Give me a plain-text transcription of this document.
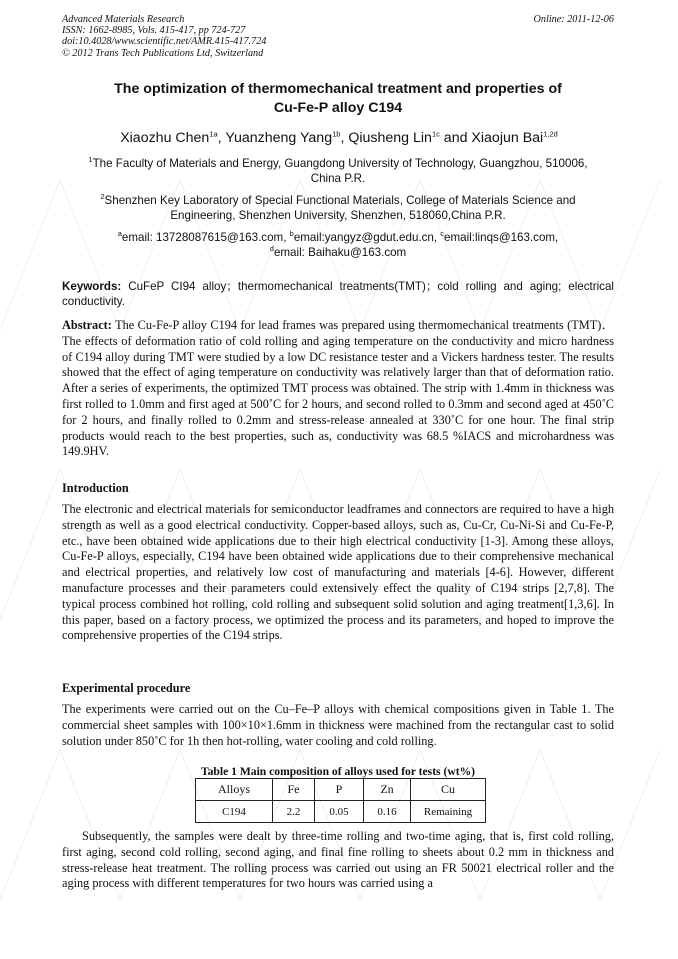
Advanced Materials Research
ISSN: 1662-8985, Vols. 415-417, pp 724-727
doi:10.4028/www.scientific.net/AMR.415-417.724
© 2012 Trans Tech Publications Ltd, Switzerland
Online: 2011-12-06
The optimization of thermomechanical treatment and properties of
Cu-Fe-P alloy C194
Xiaozhu Chen$^{1a}$, Yuanzheng Yang$^{1b}$, Qiusheng Lin$^{1c}$ and Xiaojun Bai$^{1,2d}$
$^1$The Faculty of Materials and Energy, Guangdong University of Technology, Guangzhou, 510006,
China P.R.
$^2$Shenzhen Key Laboratory of Special Functional Materials, College of Materials Science and
Engineering, Shenzhen University, Shenzhen, 518060,China P.R.
$^a$email: 13728087615@163.com, $^b$email:yangyz@gdut.edu.cn, $^c$email:linqs@163.com,
$^d$email: Baihaku@163.com
Keywords: CuFeP CI94 alloy；thermomechanical treatments(TMT)；cold rolling and aging; electrical conductivity.
Abstract: The Cu-Fe-P alloy C194 for lead frames was prepared using thermomechanical treatments (TMT)．The effects of deformation ratio of cold rolling and aging temperature on the conductivity and micro hardness of C194 alloy during TMT were studied by a low DC resistance tester and a Vickers hardness tester. The results showed that the effect of aging temperature on conductivity was relatively larger than that of deformation ratio. After a series of experiments, the optimized TMT process was obtained. The strip with 1.4mm in thickness was first rolled to 1.0mm and first aged at 500˚C for 2 hours, and second rolled to 0.3mm and second aged at 450˚C for 2 hours, and finally rolled to 0.2mm and stress-release annealed at 330˚C for one hour. The final strip products would reach to the best properties, such as, conductivity was 68.5 %IACS and microhardness was 149.9HV.
Introduction
The electronic and electrical materials for semiconductor leadframes and connectors are required to have a high strength as well as a good electrical conductivity. Copper-based alloys, such as, Cu-Cr, Cu-Ni-Si and Cu-Fe-P, etc., have been obtained wide applications due to their high electrical conductivity [1-3]. Among these alloys, Cu-Fe-P alloys, especially, C194 have been obtained wide applications due to their comprehensive mechanical and electrical properties, and relatively low cost of manufacturing and materials [4-6]. However, different manufacture processes and their parameters could extensively effect the quality of C194 strips [2,7,8]. The typical process combined hot rolling, cold rolling and subsequent solid solution and aging treatment[1,3,6]. In this paper, based on a factory process, we optimized the process and its parameters, and hoped to improve the comprehensive properties of the C194 strips.
Experimental procedure
The experiments were carried out on the Cu–Fe–P alloys with chemical compositions given in Table 1. The commercial sheet samples with 100×10×1.6mm in thickness were machined from the rectangular cast to solid solution under 850˚C for 1h then hot-rolling, water cooling and cold rolling.
Table 1 Main composition of alloys used for tests (wt%)
Alloys	Fe	P	Zn	Cu
C194	2.2	0.05	0.16	Remaining
Subsequently, the samples were dealt by three-time rolling and two-time aging, that is, first cold rolling, first aging, second cold rolling, second aging, and final fine rolling to sheets about 0.2 mm in thickness and stress-release heat treatment. The rolling process was carried out using an FR 50021 electrical roller and the aging process with different temperatures for two hours was carried using a
